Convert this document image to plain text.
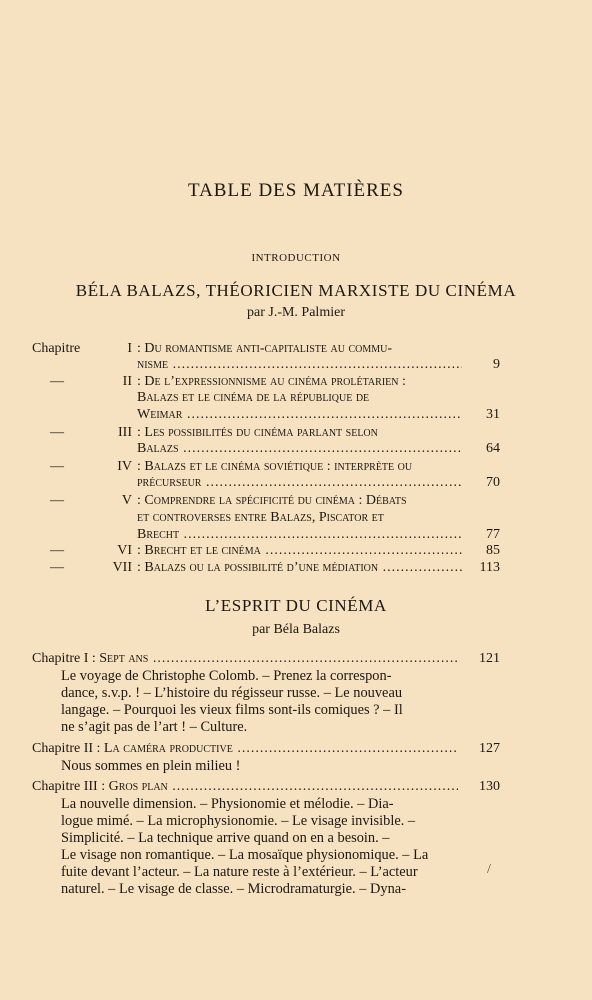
TABLE DES MATIÈRES
INTRODUCTION
BÉLA BALAZS, THÉORICIEN MARXISTE DU CINÉMA
par J.-M. Palmier
Chapitre	I : Du romantisme anti-capitaliste au commu-
nisme .....	9
—	II : De l’expressionnisme au cinéma prolétarien :
Balazs et le cinéma de la république de
Weimar .....	31
—	III : Les possibilités du cinéma parlant selon
Balazs .....	64
—	IV : Balazs et le cinéma soviétique : interprète ou
précurseur .....	70
—	V : Comprendre la spécificité du cinéma : Débats
et controverses entre Balazs, Piscator et
Brecht .....	77
—	VI : Brecht et le cinéma .....	85
—	VII : Balazs ou la possibilité d’une médiation .....	113
L’ESPRIT DU CINÉMA
par Béla Balazs
Chapitre I : Sept ans .....	121
Le voyage de Christophe Colomb. – Prenez la correspon-
dance, s.v.p. ! – L’histoire du régisseur russe. – Le nouveau
langage. – Pourquoi les vieux films sont-ils comiques ? – Il
ne s’agit pas de l’art ! – Culture.
Chapitre II : La caméra productive .....	127
Nous sommes en plein milieu !
Chapitre III : Gros plan .....	130
La nouvelle dimension. – Physionomie et mélodie. – Dia-
logue mimé. – La microphysionomie. – Le visage invisible. –
Simplicité. – La technique arrive quand on en a besoin. –
Le visage non romantique. – La mosaïque physionomique. – La
fuite devant l’acteur. – La nature reste à l’extérieur. – L’acteur
naturel. – Le visage de classe. – Microdramaturgie. – Dyna-
/
